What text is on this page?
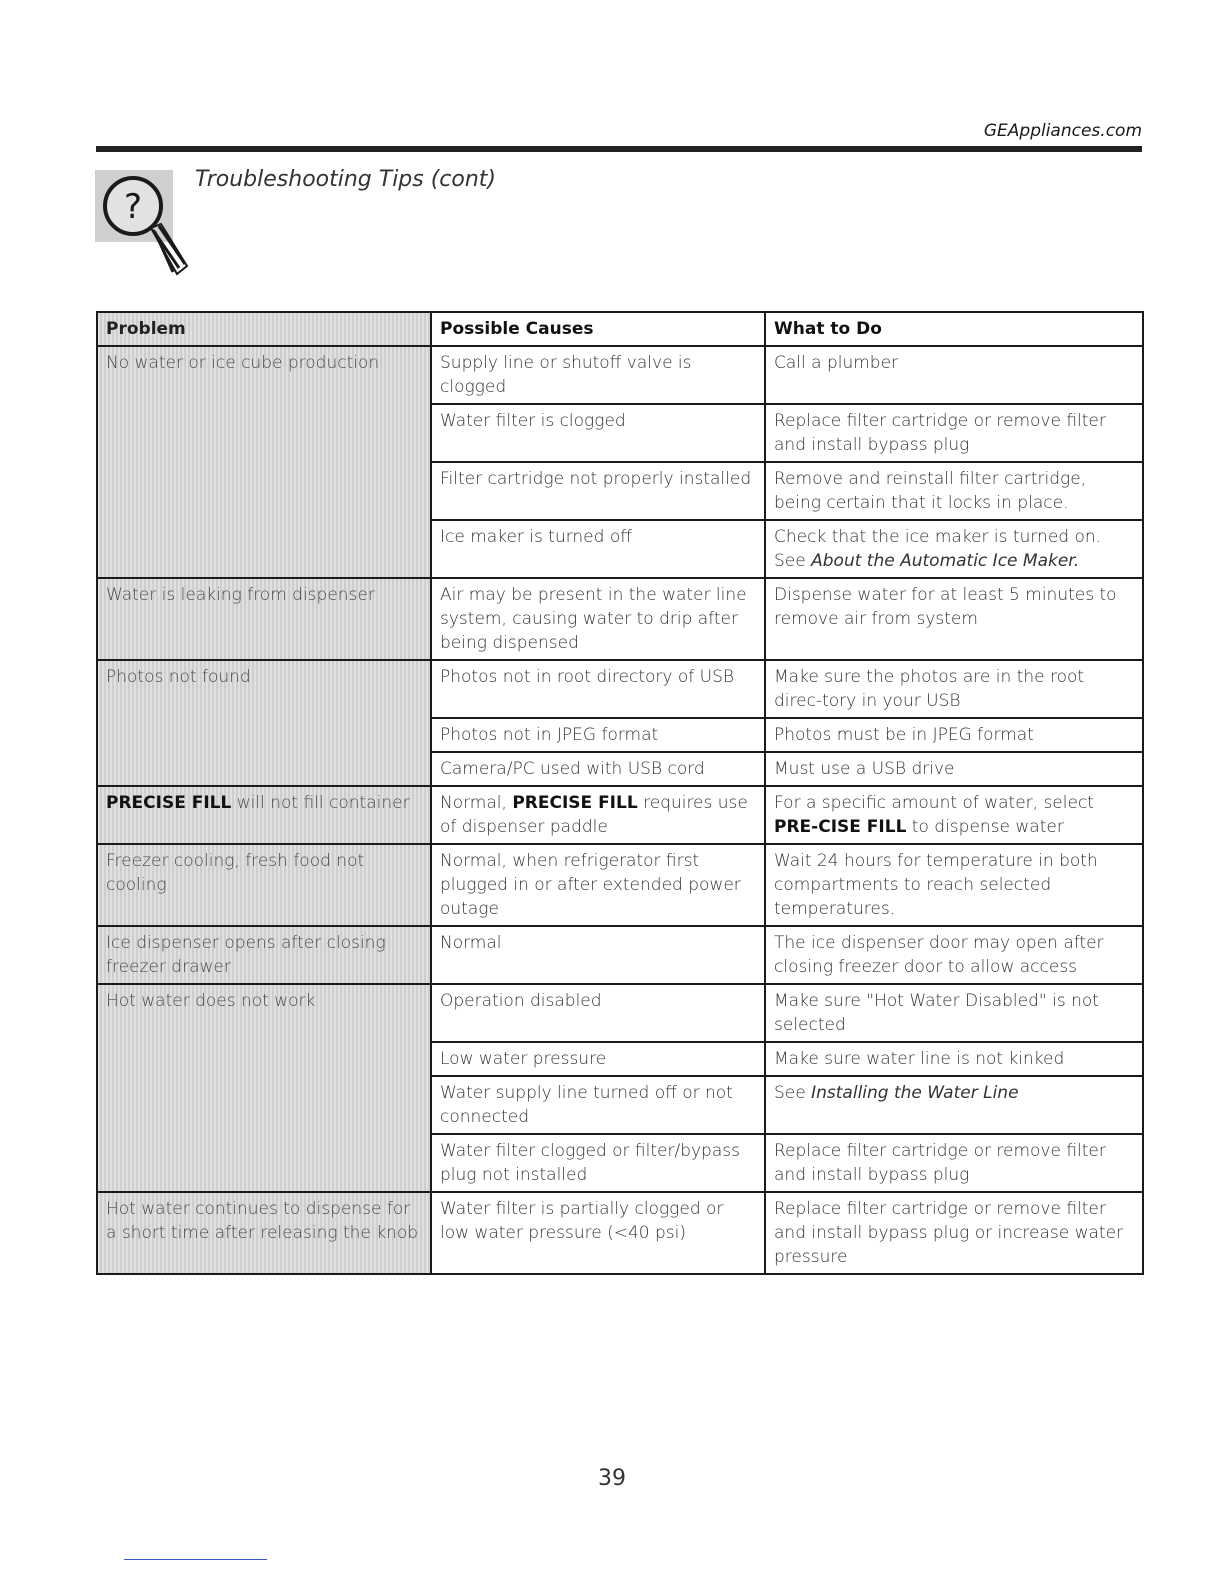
GEAppliances.com
?
Troubleshooting Tips (cont)
Problem	Possible Causes	What to Do
No water or ice cube production	Supply line or shutoff valve is clogged	Call a plumber
	Water filter is clogged	Replace filter cartridge or remove filter and install bypass plug
	Filter cartridge not properly installed	Remove and reinstall filter cartridge, being certain that it locks in place.
	Ice maker is turned off	Check that the ice maker is turned on. See About the Automatic Ice Maker.
Water is leaking from dispenser	Air may be present in the water line system, causing water to drip after being dispensed	Dispense water for at least 5 minutes to remove air from system
Photos not found	Photos not in root directory of USB	Make sure the photos are in the root direc-tory in your USB
	Photos not in JPEG format	Photos must be in JPEG format
	Camera/PC used with USB cord	Must use a USB drive
PRECISE FILL will not fill container	Normal, PRECISE FILL requires use of dispenser paddle	For a specific amount of water, select PRE-CISE FILL to dispense water
Freezer cooling, fresh food not cooling	Normal, when refrigerator first plugged in or after extended power outage	Wait 24 hours for temperature in both compartments to reach selected temperatures.
Ice dispenser opens after closing freezer drawer	Normal	The ice dispenser door may open after closing freezer door to allow access
Hot water does not work	Operation disabled	Make sure "Hot Water Disabled" is not selected
	Low water pressure	Make sure water line is not kinked
	Water supply line turned off or not connected	See Installing the Water Line
	Water filter clogged or filter/bypass plug not installed	Replace filter cartridge or remove filter and install bypass plug
Hot water continues to dispense for a short time after releasing the knob	Water filter is partially clogged or low water pressure (<40 psi)	Replace filter cartridge or remove filter and install bypass plug or increase water pressure
39
